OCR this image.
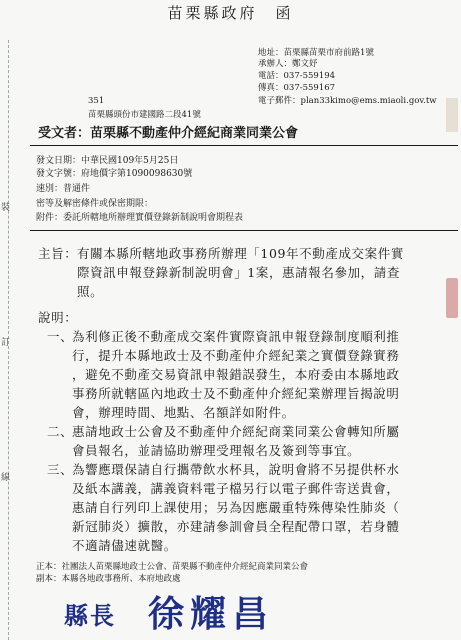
裝
訂
線
苗栗縣政府　函
地址：苗栗縣苗栗市府前路1號
承辦人：鄭文妤
電話：037-559194
傳真：037-559167
電子郵件：plan33kimo@ems.miaoli.gov.tw
351
苗栗縣頭份市建國路二段41號
受文者：苗栗縣不動產仲介經紀商業同業公會
發文日期：中華民國109年5月25日
發文字號：府地價字第1090098630號
速別：普通件
密等及解密條件或保密期限：
附件：委託所轄地所辦理實價登錄新制說明會期程表
主旨： 有關本縣所轄地政事務所辦理「109年不動產成交案件實
際資訊申報登錄新制說明會」1案，惠請報名參加，請查
照。
說明：
一、
為利修正後不動產成交案件實際資訊申報登錄制度順利推
行，提升本縣地政士及不動產仲介經紀業之實價登錄實務
，避免不動產交易資訊申報錯誤發生，本府委由本縣地政
事務所就轄區內地政士及不動產仲介經紀業辦理旨揭說明
會，辦理時間、地點、名額詳如附件。
二、
惠請地政士公會及不動產仲介經紀商業同業公會轉知所屬
會員報名，並請協助辦理受理報名及簽到等事宜。
三、
為響應環保請自行攜帶飲水杯具，說明會將不另提供杯水
及紙本講義，講義資料電子檔另行以電子郵件寄送貴會，
惠請自行列印上課使用；另為因應嚴重特殊傳染性肺炎（
新冠肺炎）擴散，亦建請參訓會員全程配帶口罩，若身體
不適請儘速就醫。
正本：社團法人苗栗縣地政士公會、苗栗縣不動產仲介經紀商業同業公會
副本：本縣各地政事務所、本府地政處
縣長 徐耀昌
